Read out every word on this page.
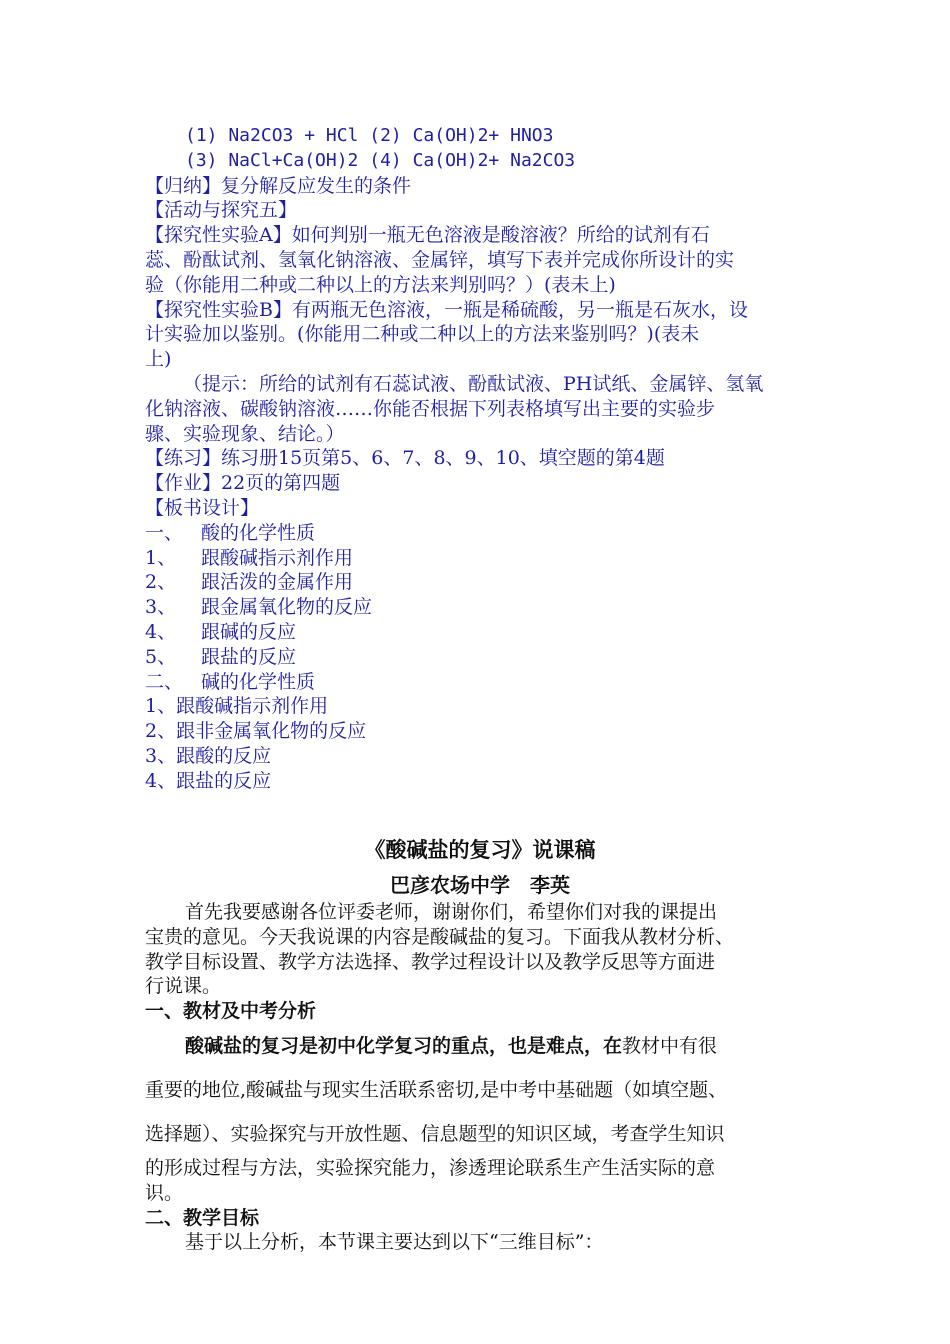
(1) Na2CO3 + HCl (2) Ca(OH)2+ HNO3
(3) NaCl+Ca(OH)2 (4) Ca(OH)2+ Na2CO3
【归纳】复分解反应发生的条件
【活动与探究五】
【探究性实验A】如何判别一瓶无色溶液是酸溶液？所给的试剂有石
蕊、酚酞试剂、氢氧化钠溶液、金属锌，填写下表并完成你所设计的实
验（你能用二种或二种以上的方法来判别吗？）(表未上)
【探究性实验B】有两瓶无色溶液，一瓶是稀硫酸，另一瓶是石灰水，设
计实验加以鉴别。(你能用二种或二种以上的方法来鉴别吗？)(表未
上)
（提示：所给的试剂有石蕊试液、酚酞试液、PH试纸、金属锌、氢氧
化钠溶液、碳酸钠溶液……你能否根据下列表格填写出主要的实验步
骤、实验现象、结论。）
【练习】练习册15页第5、6、7、8、9、10、填空题的第4题
【作业】22页的第四题
【板书设计】
一、 酸的化学性质
1、 跟酸碱指示剂作用
2、 跟活泼的金属作用
3、 跟金属氧化物的反应
4、 跟碱的反应
5、 跟盐的反应
二、 碱的化学性质
1、跟酸碱指示剂作用
2、跟非金属氧化物的反应
3、跟酸的反应
4、跟盐的反应
《酸碱盐的复习》说课稿
巴彦农场中学　李英
首先我要感谢各位评委老师，谢谢你们，希望你们对我的课提出
宝贵的意见。今天我说课的内容是酸碱盐的复习。下面我从教材分析、
教学目标设置、教学方法选择、教学过程设计以及教学反思等方面进
行说课。
一、教材及中考分析
酸碱盐的复习是初中化学复习的重点，也是难点，在教材中有很
重要的地位,酸碱盐与现实生活联系密切,是中考中基础题（如填空题、
选择题）、实验探究与开放性题、信息题型的知识区域，考查学生知识
的形成过程与方法，实验探究能力，渗透理论联系生产生活实际的意
识。
二、教学目标
基于以上分析，本节课主要达到以下“三维目标”：
